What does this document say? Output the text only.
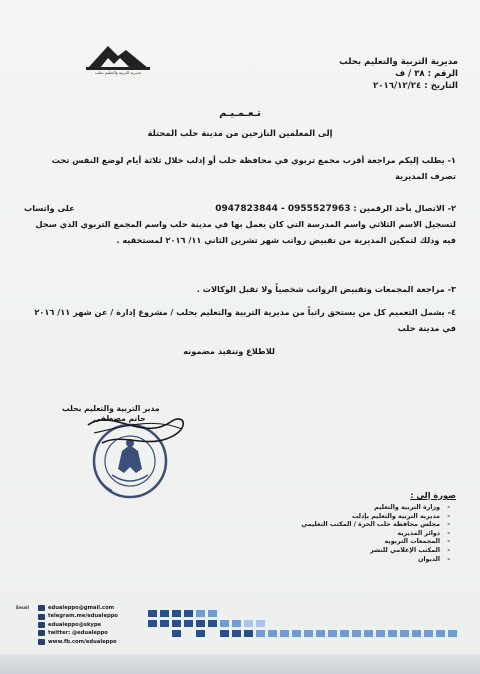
مديرية التربية والتعليم بحلب
الرقم : ٣٨ / ف
التاريخ : ٢٠١٦/١٢/٢٤
مديرية التربية والتعليم بحلب
تـعـمـيـم
إلى المعلمين النازحين من مدينة حلب المحتلة
١- يطلب إليكم مراجعة أقرب مجمع تربوي في محافظة حلب أو إدلب خلال ثلاثة أيام لوضع النفس تحت تصرف المديرية
٢- الاتصال بأحد الرقمين : 0947823844 - 0955527963
على واتساب
لتسجيل الاسم الثلاثي واسم المدرسة التي كان يعمل بها في مدينة حلب واسم المجمع التربوي الذي سجل فيه وذلك لتمكين المديرية من تقبيض رواتب شهر تشرين الثاني ١١/ ٢٠١٦ لمستحقيه .
٣- مراجعة المجمعات وتقبيض الرواتب شخصياً ولا تقبل الوكالات .
٤- يشمل التعميم كل من يستحق راتباً من مديرية التربية والتعليم بحلب / مشروع إدارة / عن شهر ١١/ ٢٠١٦ في مدينة حلب
للاطلاع وتنفيذ مضمونه
مدير التربية والتعليم بحلب
حاتم مصطفى
صورة إلى :
- وزارة التربية والتعليم
- مديرية التربية والتعليم بإدلب
- مجلس محافظة حلب الحرة / المكتب التعليمي
- دوائر المديرية
- المجمعات التربوية
- المكتب الإعلامي للنشر
- الديوان
Email	edualeppo@gmail.com
telegram.me/edualeppo
edualeppo@skype
twitter: @edualeppo
www.fb.com/edualeppo
